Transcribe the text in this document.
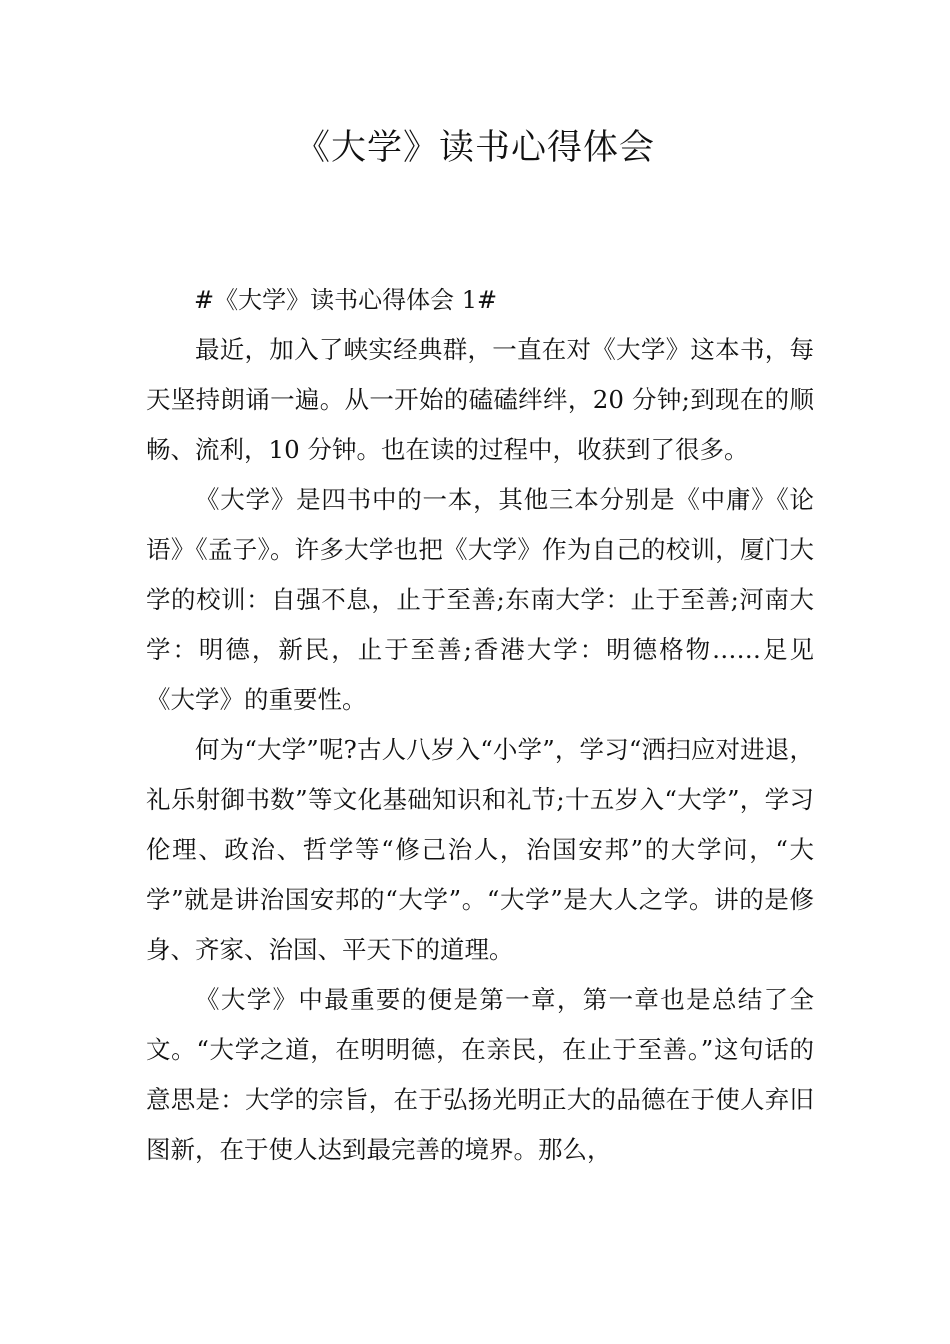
《大学》读书心得体会

#《大学》读书心得体会 1#

最近，加入了峡实经典群，一直在对《大学》这本书，每天坚持朗诵一遍。从一开始的磕磕绊绊，20 分钟;到现在的顺畅、流利，10 分钟。也在读的过程中，收获到了很多。

《大学》是四书中的一本，其他三本分别是《中庸》《论语》《孟子》。许多大学也把《大学》作为自己的校训，厦门大学的校训：自强不息，止于至善;东南大学：止于至善;河南大学：明德，新民，止于至善;香港大学：明德格物……足见《大学》的重要性。

何为“大学”呢?古人八岁入“小学”，学习“洒扫应对进退，礼乐射御书数”等文化基础知识和礼节;十五岁入“大学”，学习伦理、政治、哲学等“修己治人，治国安邦”的大学问，“大学”就是讲治国安邦的“大学”。“大学”是大人之学。讲的是修身、齐家、治国、平天下的道理。

《大学》中最重要的便是第一章，第一章也是总结了全文。“大学之道，在明明德，在亲民，在止于至善。”这句话的意思是：大学的宗旨，在于弘扬光明正大的品德在于使人弃旧图新，在于使人达到最完善的境界。那么，
